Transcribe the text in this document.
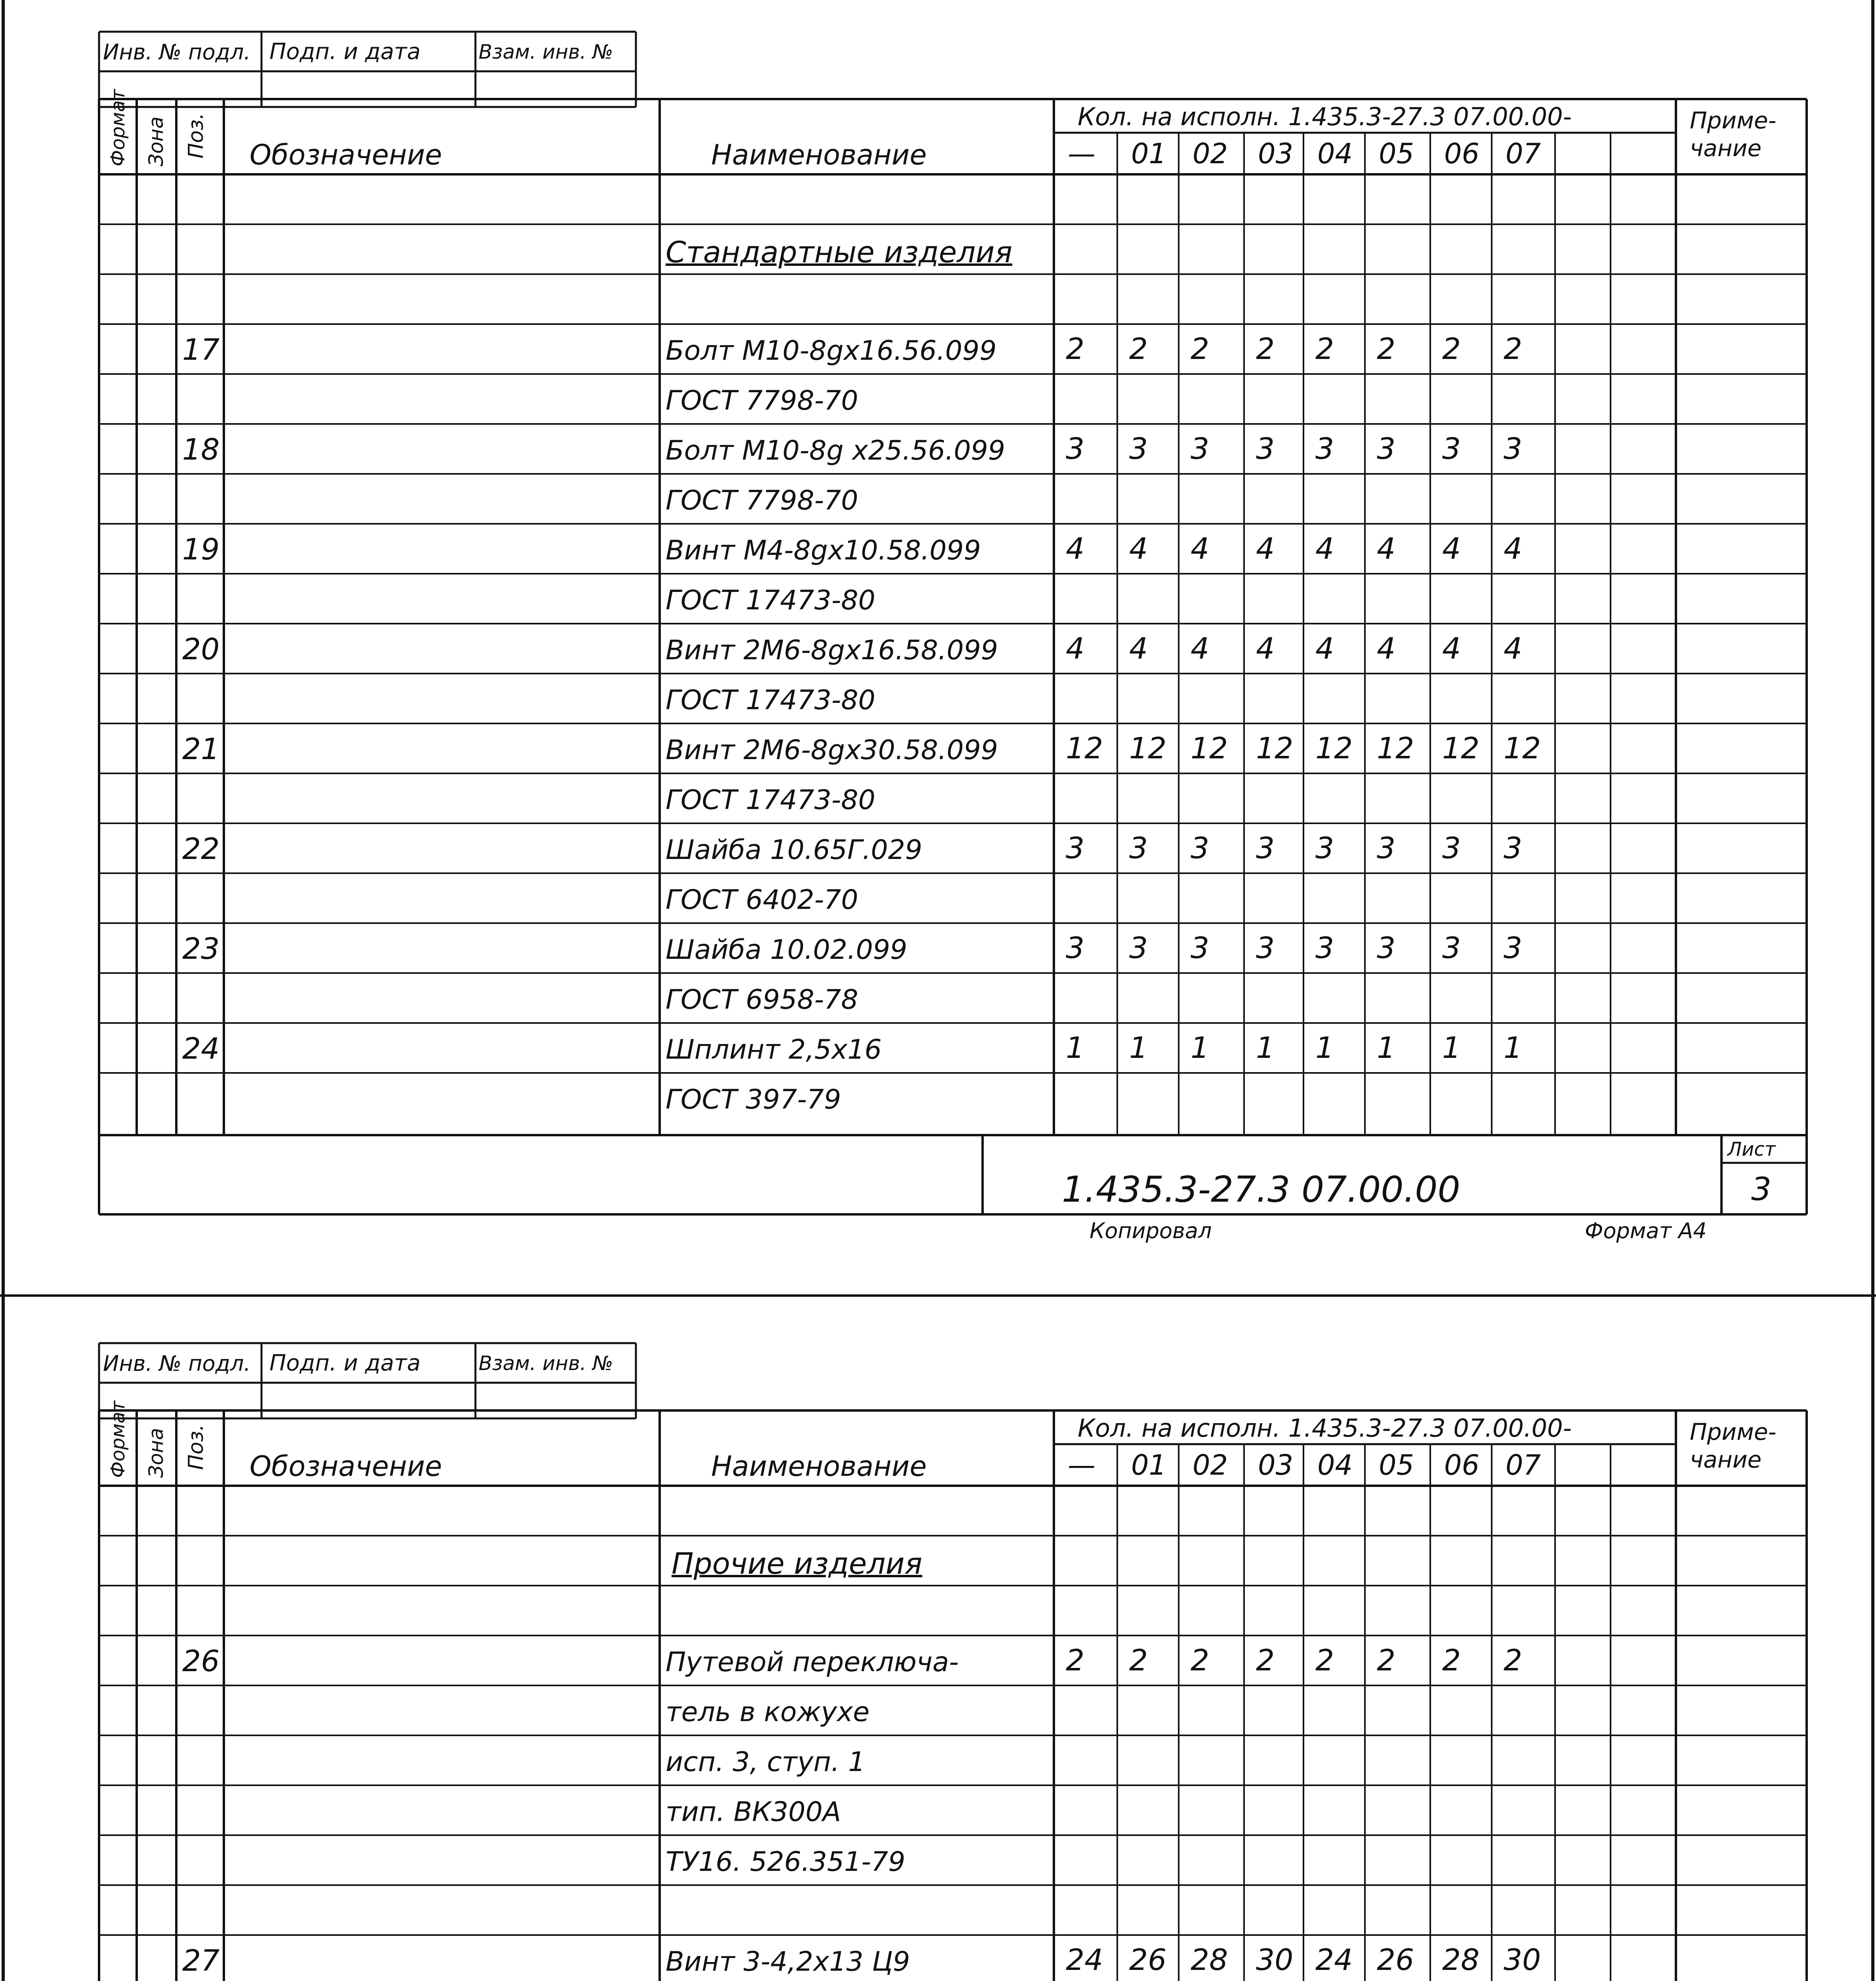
Инв. № подл. Подп. и дата	Взам. инв. №
Формат Зона Поз. Обозначение	Наименование
Кол. на исполн. 1.435.3-27.3 07.00.00-
— 01 02 03 04 05 06 07
Приме-
чание
Стандартные изделия
17	Болт М10-8gх16.56.099 2 2 2 2 2 2 2 2
ГОСТ 7798-70
18	Болт М10-8g х25.56.099 3 3 3 3 3 3 3 3
ГОСТ 7798-70
19	Винт М4-8gх10.58.099	4 4 4 4 4 4 4 4
ГОСТ 17473-80
20	Винт 2М6-8gх16.58.099 4 4 4 4 4 4 4 4
ГОСТ 17473-80
21	Винт 2М6-8gх30.58.099 12 12 12 12 12 12 12 12
ГОСТ 17473-80
22	Шайба 10.65Г.029	3 3 3 3 3 3 3 3
ГОСТ 6402-70
23	Шайба 10.02.099	3 3 3 3 3 3 3 3
ГОСТ 6958-78
24	Шплинт 2,5х16	1 1 1 1 1 1 1 1
ГОСТ 397-79
1.435.3-27.3 07.00.00
Лист
3
Копировал	Формат А4
Инв. № подл. Подп. и дата	Взам. инв. №
Формат Зона Поз. Обозначение	Наименование
Кол. на исполн. 1.435.3-27.3 07.00.00-
— 01 02 03 04 05 06 07
Приме-
чание
Прочие изделия
26	Путевой переключа-	2 2 2 2 2 2 2 2
тель в кожухе
исп. 3, ступ. 1
тип. ВК300А
ТУ16. 526.351-79
27	Винт 3-4,2х13 Ц9	24 26 28 30 24 26 28 30
